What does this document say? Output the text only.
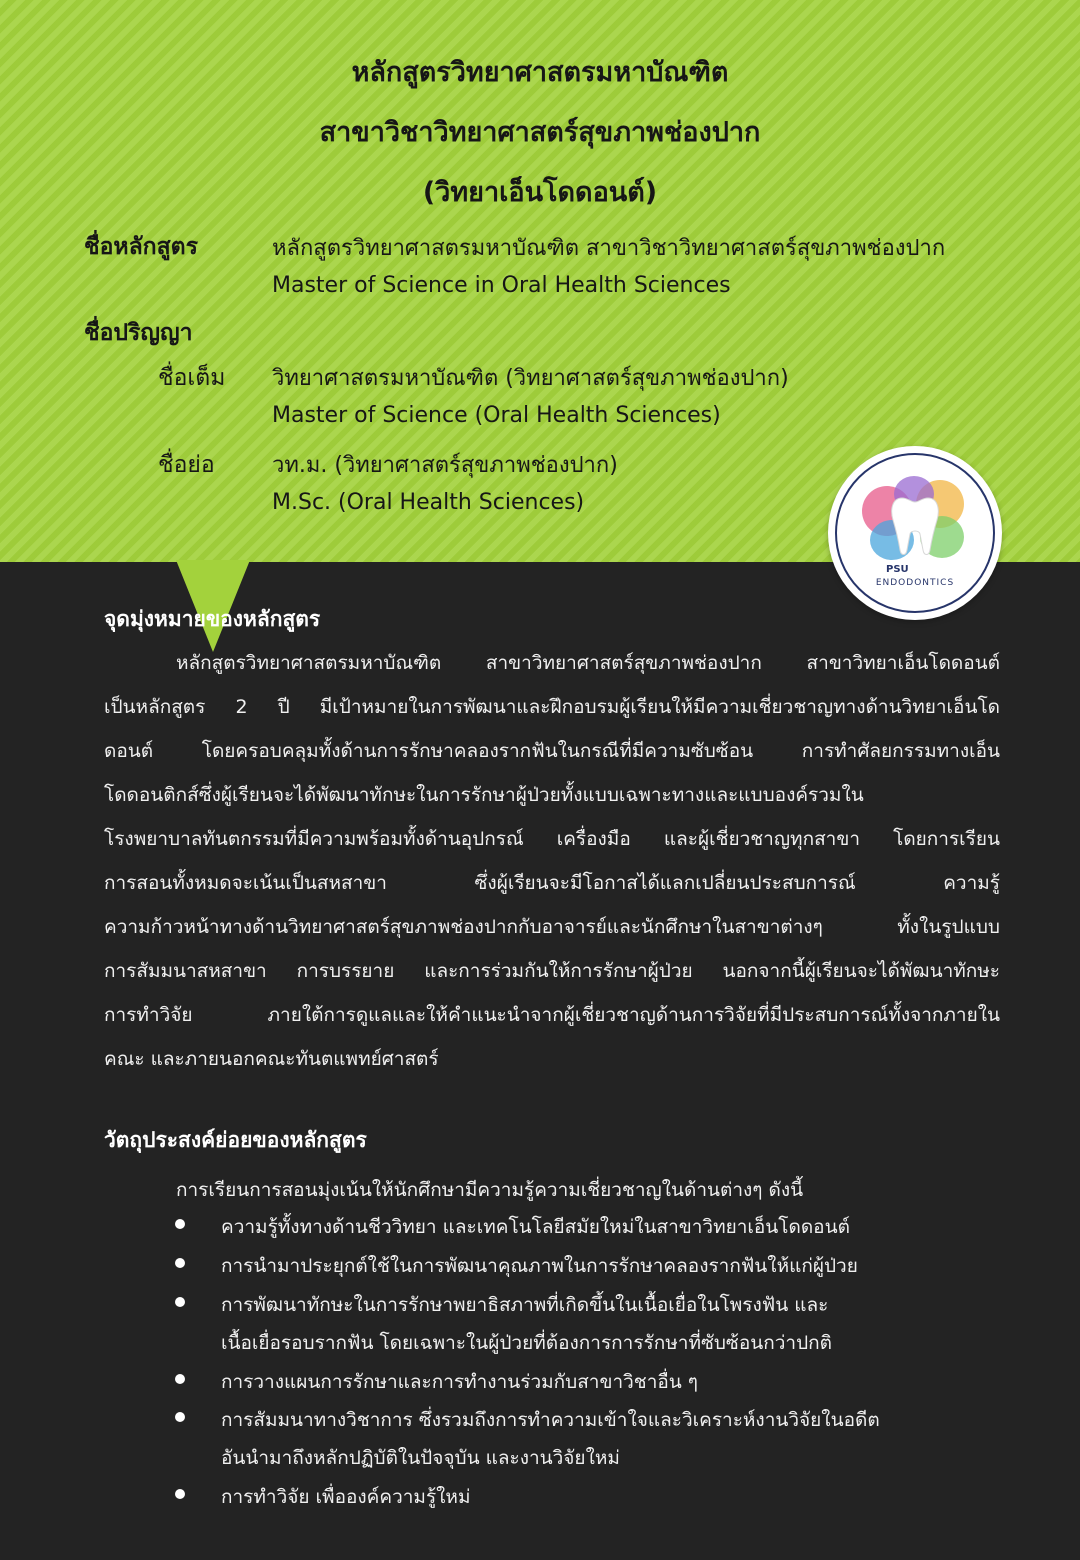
หลักสูตรวิทยาศาสตรมหาบัณฑิต
สาขาวิชาวิทยาศาสตร์สุขภาพช่องปาก
(วิทยาเอ็นโดดอนต์)
ชื่อหลักสูตร	หลักสูตรวิทยาศาสตรมหาบัณฑิต สาขาวิชาวิทยาศาสตร์สุขภาพช่องปาก
Master of Science in Oral Health Sciences
ชื่อปริญญา
ชื่อเต็ม วิทยาศาสตรมหาบัณฑิต (วิทยาศาสตร์สุขภาพช่องปาก)
Master of Science (Oral Health Sciences)
ชื่อย่อ	วท.ม. (วิทยาศาสตร์สุขภาพช่องปาก)
M.Sc. (Oral Health Sciences)
PSU
ENDODONTICS
จุดมุ่งหมายของหลักสูตร
หลักสูตรวิทยาศาสตรมหาบัณฑิต สาขาวิทยาศาสตร์สุขภาพช่องปาก สาขาวิทยาเอ็นโดดอนต์
เป็นหลักสูตร 2 ปี มีเป้าหมายในการพัฒนาและฝึกอบรมผู้เรียนให้มีความเชี่ยวชาญทางด้านวิทยาเอ็นโด
ดอนต์ โดยครอบคลุมทั้งด้านการรักษาคลองรากฟันในกรณีที่มีความซับซ้อน การทำศัลยกรรมทางเอ็น
โดดอนติกส์ซึ่งผู้เรียนจะได้พัฒนาทักษะในการรักษาผู้ป่วยทั้งแบบเฉพาะทางและแบบองค์รวมใน
โรงพยาบาลทันตกรรมที่มีความพร้อมทั้งด้านอุปกรณ์ เครื่องมือ และผู้เชี่ยวชาญทุกสาขา โดยการเรียน
การสอนทั้งหมดจะเน้นเป็นสหสาขา ซึ่งผู้เรียนจะมีโอกาสได้แลกเปลี่ยนประสบการณ์ ความรู้
ความก้าวหน้าทางด้านวิทยาศาสตร์สุขภาพช่องปากกับอาจารย์และนักศึกษาในสาขาต่างๆ ทั้งในรูปแบบ
การสัมมนาสหสาขา การบรรยาย และการร่วมกันให้การรักษาผู้ป่วย นอกจากนี้ผู้เรียนจะได้พัฒนาทักษะ
การทำวิจัย ภายใต้การดูแลและให้คำแนะนำจากผู้เชี่ยวชาญด้านการวิจัยที่มีประสบการณ์ทั้งจากภายใน
คณะ และภายนอกคณะทันตแพทย์ศาสตร์
วัตถุประสงค์ย่อยของหลักสูตร
การเรียนการสอนมุ่งเน้นให้นักศึกษามีความรู้ความเชี่ยวชาญในด้านต่างๆ ดังนี้
ความรู้ทั้งทางด้านชีววิทยา และเทคโนโลยีสมัยใหม่ในสาขาวิทยาเอ็นโดดอนต์
การนำมาประยุกต์ใช้ในการพัฒนาคุณภาพในการรักษาคลองรากฟันให้แก่ผู้ป่วย
การพัฒนาทักษะในการรักษาพยาธิสภาพที่เกิดขึ้นในเนื้อเยื่อในโพรงฟัน และ
เนื้อเยื่อรอบรากฟัน โดยเฉพาะในผู้ป่วยที่ต้องการการรักษาที่ซับซ้อนกว่าปกติ
การวางแผนการรักษาและการทำงานร่วมกับสาขาวิชาอื่น ๆ
การสัมมนาทางวิชาการ ซึ่งรวมถึงการทำความเข้าใจและวิเคราะห์งานวิจัยในอดีต
อันนำมาถึงหลักปฏิบัติในปัจจุบัน และงานวิจัยใหม่
การทำวิจัย เพื่อองค์ความรู้ใหม่
